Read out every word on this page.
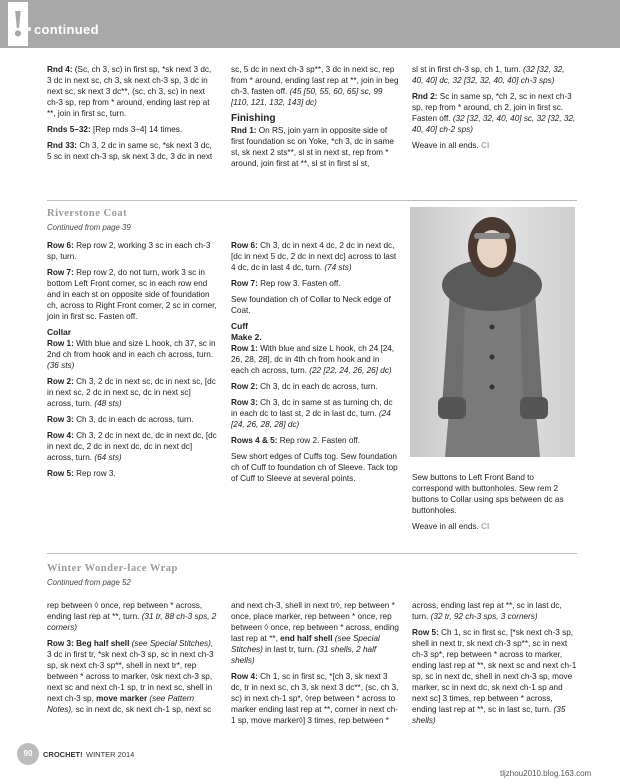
! continued

Rnd 4: (Sc, ch 3, sc) in first sp, *sk next 3 dc, 3 dc in next sc, ch 3, sk next ch-3 sp, 3 dc in next sc, sk next 3 dc**, (sc, ch 3, sc) in next ch-3 sp, rep from * around, ending last rep at **, join in first sc, turn.

Rnds 5–32: [Rep rnds 3–4] 14 times.

Rnd 33: Ch 3, 2 dc in same sc, *sk next 3 dc, 5 sc in next ch-3 sp, sk next 3 dc, 3 dc in next

sc, 5 dc in next ch-3 sp**, 3 dc in next sc, rep from * around, ending last rep at **, join in beg ch-3, fasten off. (45 [50, 55, 60, 65] sc, 99 [110, 121, 132, 143] dc)

Finishing

Rnd 1: On RS, join yarn in opposite side of first foundation sc on Yoke, *ch 3, dc in same st, sk next 2 sts**, sl st in next st, rep from * around, join first at **, sl st in first sl st,

sl st in first ch-3 sp, ch 1, turn. (32 [32, 32, 40, 40] dc, 32 [32, 32, 40, 40] ch-3 sps)

Rnd 2: Sc in same sp, *ch 2, sc in next ch-3 sp, rep from * around, ch 2, join in first sc. Fasten off. (32 [32, 32, 40, 40] sc, 32 [32, 32, 40, 40] ch-2 sps)

Weave in all ends. CI

Riverstone Coat
Continued from page 39

Row 6: Rep row 2, working 3 sc in each ch-3 sp, turn.

Row 7: Rep row 2, do not turn, work 3 sc in bottom Left Front corner, sc in each row end and in each st on opposite side of foundation ch, across to Right Front corner, 2 sc in corner, join in first sc. Fasten off.

Collar

Row 1: With blue and size L hook, ch 37, sc in 2nd ch from hook and in each ch across, turn. (36 sts)

Row 2: Ch 3, 2 dc in next sc, dc in next sc, [dc in next sc, 2 dc in next sc, dc in next sc] across, turn. (48 sts)

Row 3: Ch 3, dc in each dc across, turn.

Row 4: Ch 3, 2 dc in next dc, dc in next dc, [dc in next dc, 2 dc in next dc, dc in next dc] across, turn. (64 sts)

Row 5: Rep row 3.

Row 6: Ch 3, dc in next 4 dc, 2 dc in next dc, [dc in next 5 dc, 2 dc in next dc] across to last 4 dc, dc in last 4 dc, turn. (74 sts)

Row 7: Rep row 3. Fasten off.

Sew foundation ch of Collar to Neck edge of Coat.

Cuff
Make 2.

Row 1: With blue and size L hook, ch 24 [24, 26, 28, 28], dc in 4th ch from hook and in each ch across, turn. (22 [22, 24, 26, 26] dc)

Row 2: Ch 3, dc in each dc across, turn.

Row 3: Ch 3, dc in same st as turning ch, dc in each dc to last st, 2 dc in last dc, turn. (24 [24, 26, 28, 28] dc)

Rows 4 & 5: Rep row 2. Fasten off.

Sew short edges of Cuffs tog. Sew foundation ch of Cuff to foundation ch of Sleeve. Tack top of Cuff to Sleeve at several points.	Sew buttons to Left Front Band to correspond with buttonholes. Sew rem 2 buttons to Collar using sps between dc as buttonholes.

Weave in all ends. CI

Winter Wonder-lace Wrap
Continued from page 52

rep between ◊ once, rep between * across, ending last rep at **, turn. (31 tr, 88 ch-3 sps, 2 corners)

Row 3: Beg half shell (see Special Stitches), 3 dc in first tr, *sk next ch-3 sp, sc in next ch-3 sp, sk next ch-3 sp**, shell in next tr*, rep between * across to marker, ◊sk next ch-3 sp, next sc and next ch-1 sp, tr in next sc, shell in next ch-3 sp, move marker (see Pattern Notes), sc in next dc, sk next ch-1 sp, next sc

and next ch-3, shell in next tr◊, rep between * once, place marker, rep between * once, rep between ◊ once, rep between * across, ending last rep at **, end half shell (see Special Stitches) in last tr, turn. (31 shells, 2 half shells)

Row 4: Ch 1, sc in first sc, *[ch 3, sk next 3 dc, tr in next sc, ch 3, sk next 3 dc**, (sc, ch 3, sc) in next ch-1 sp*, ◊rep between * across to marker ending last rep at **, corner in next ch-1 sp, move marker◊] 3 times, rep between *

across, ending last rep at **, sc in last dc, turn. (32 tr, 92 ch-3 sps, 3 corners)

Row 5: Ch 1, sc in first sc, [*sk next ch-3 sp, shell in next tr, sk next ch-3 sp**, sc in next ch-3 sp*, rep between * across to marker, ending last rep at **, sk next sc and next ch-1 sp, sc in next dc, shell in next ch-3 sp, move marker, sc in next dc, sk next ch-1 sp and next sc] 3 times, rep between * across, ending last rep at **, sc in last sc, turn. (35 shells)

90	CROCHET! WINTER 2014
tljzhou2010.blog.163.com
